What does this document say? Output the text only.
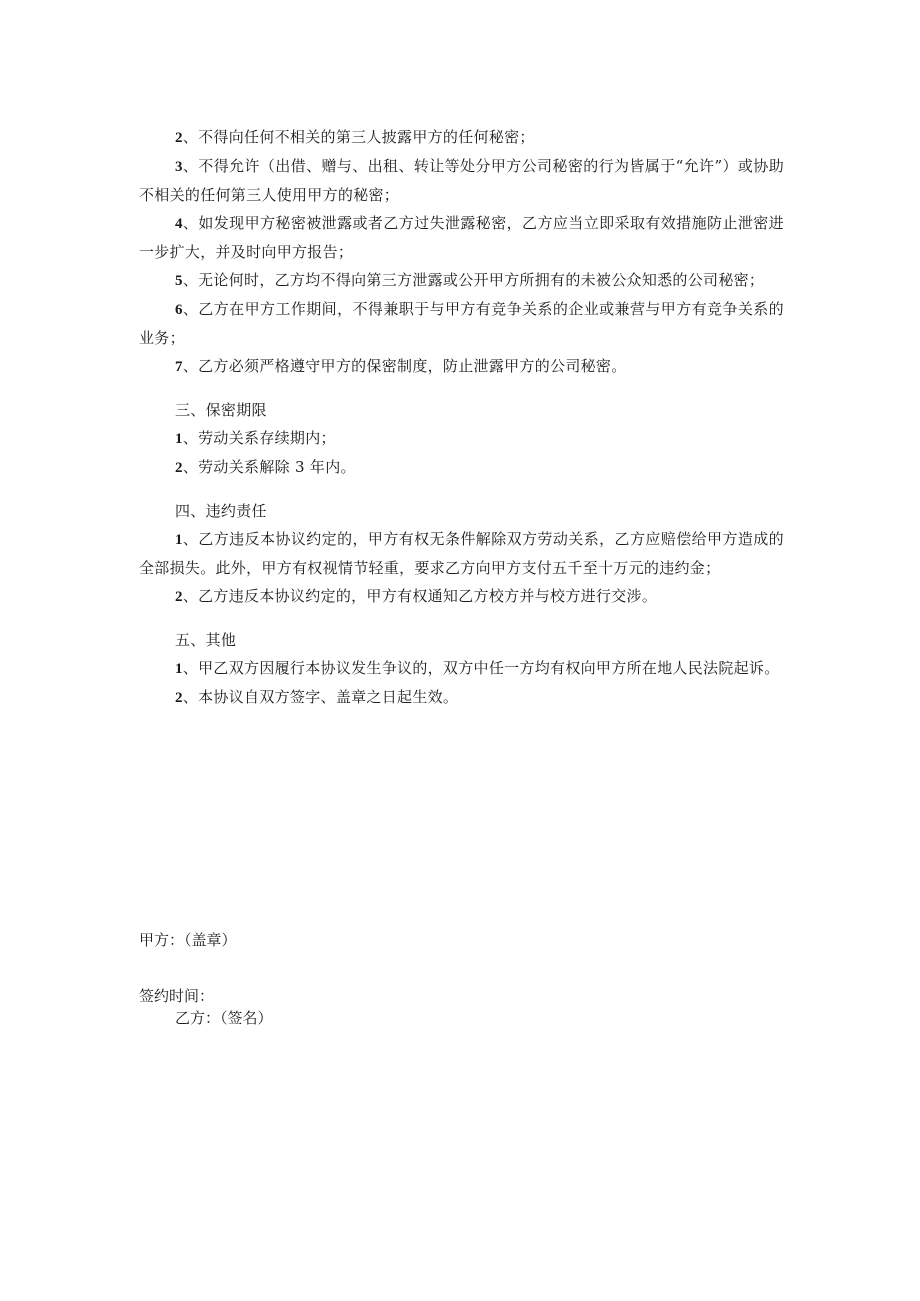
2、不得向任何不相关的第三人披露甲方的任何秘密；

3、不得允许（出借、赠与、出租、转让等处分甲方公司秘密的行为皆属于“允许”）或协助不相关的任何第三人使用甲方的秘密；

4、如发现甲方秘密被泄露或者乙方过失泄露秘密，乙方应当立即采取有效措施防止泄密进一步扩大，并及时向甲方报告；

5、无论何时，乙方均不得向第三方泄露或公开甲方所拥有的未被公众知悉的公司秘密；

6、乙方在甲方工作期间，不得兼职于与甲方有竞争关系的企业或兼营与甲方有竞争关系的业务；

7、乙方必须严格遵守甲方的保密制度，防止泄露甲方的公司秘密。

三、保密期限

1、劳动关系存续期内；

2、劳动关系解除 3 年内。

四、违约责任

1、乙方违反本协议约定的，甲方有权无条件解除双方劳动关系，乙方应赔偿给甲方造成的全部损失。此外，甲方有权视情节轻重，要求乙方向甲方支付五千至十万元的违约金；

2、乙方违反本协议约定的，甲方有权通知乙方校方并与校方进行交涉。

五、其他

1、甲乙双方因履行本协议发生争议的，双方中任一方均有权向甲方所在地人民法院起诉。

2、本协议自双方签字、盖章之日起生效。

甲方：（盖章）
签约时间：
乙方：（签名）
